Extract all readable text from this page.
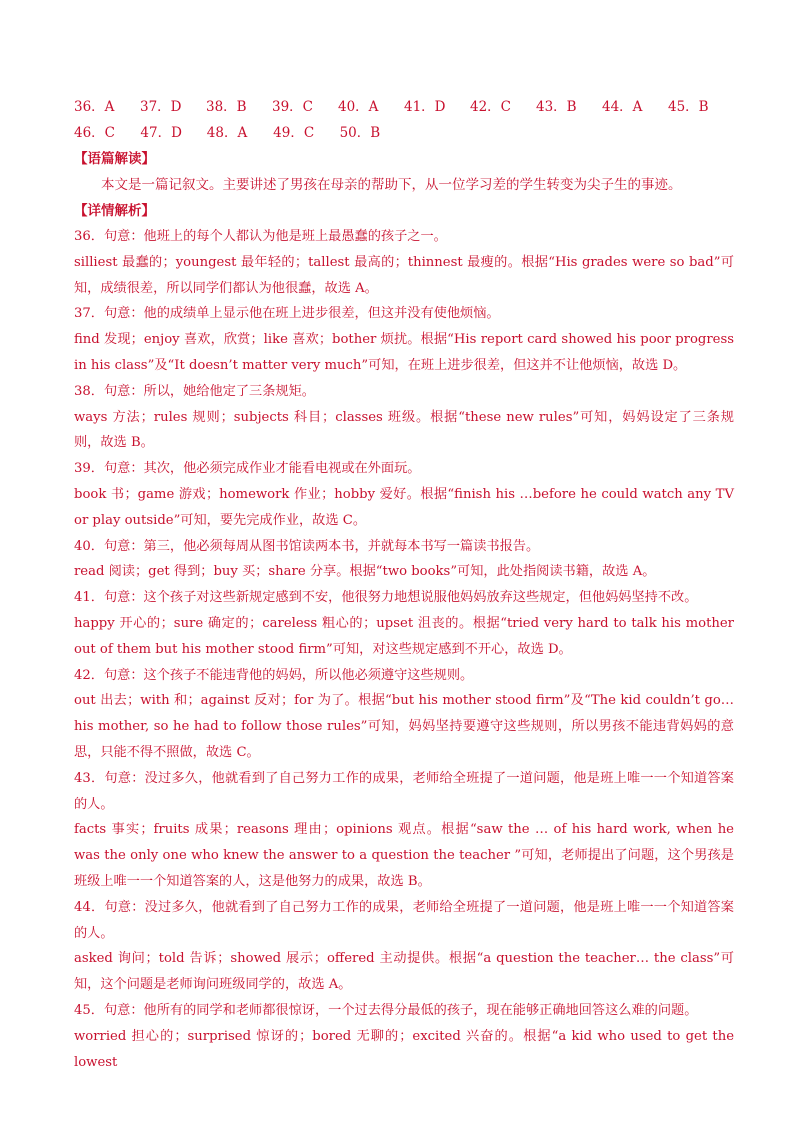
36．A	37．D	38．B	39．C	40．A	41．D	42．C	43．B	44．A	45．B
46．C	47．D	48．A	49．C	50．B
【语篇解读】
本文是一篇记叙文。主要讲述了男孩在母亲的帮助下，从一位学习差的学生转变为尖子生的事迹。
【详情解析】

36．句意：他班上的每个人都认为他是班上最愚蠢的孩子之一。

silliest 最蠢的；youngest 最年轻的；tallest 最高的；thinnest 最瘦的。根据“His grades were so bad”可知，成绩很差，所以同学们都认为他很蠢，故选 A。

37．句意：他的成绩单上显示他在班上进步很差，但这并没有使他烦恼。

find 发现；enjoy 喜欢，欣赏；like 喜欢；bother 烦扰。根据“His report card showed his poor progress in his class”及“It doesn’t matter very much”可知，在班上进步很差，但这并不让他烦恼，故选 D。

38．句意：所以，她给他定了三条规矩。

ways 方法；rules 规则；subjects 科目；classes 班级。根据“these new rules”可知，妈妈设定了三条规则，故选 B。

39．句意：其次，他必须完成作业才能看电视或在外面玩。

book 书；game 游戏；homework 作业；hobby 爱好。根据“finish his …before he could watch any TV or play outside”可知，要先完成作业，故选 C。

40．句意：第三，他必须每周从图书馆读两本书，并就每本书写一篇读书报告。

read 阅读；get 得到；buy 买；share 分享。根据“two books”可知，此处指阅读书籍，故选 A。

41．句意：这个孩子对这些新规定感到不安，他很努力地想说服他妈妈放弃这些规定，但他妈妈坚持不改。

happy 开心的；sure 确定的；careless 粗心的；upset 沮丧的。根据“tried very hard to talk his mother out of them but his mother stood firm”可知，对这些规定感到不开心，故选 D。

42．句意：这个孩子不能违背他的妈妈，所以他必须遵守这些规则。

out 出去；with 和；against 反对；for 为了。根据“but his mother stood firm”及“The kid couldn’t go…his mother, so he had to follow those rules”可知，妈妈坚持要遵守这些规则，所以男孩不能违背妈妈的意思，只能不得不照做，故选 C。

43．句意：没过多久，他就看到了自己努力工作的成果，老师给全班提了一道问题，他是班上唯一一个知道答案的人。

facts 事实；fruits 成果；reasons 理由；opinions 观点。根据“saw the … of his hard work, when he was the only one who knew the answer to a question the teacher ”可知，老师提出了问题，这个男孩是班级上唯一一个知道答案的人，这是他努力的成果，故选 B。

44．句意：没过多久，他就看到了自己努力工作的成果，老师给全班提了一道问题，他是班上唯一一个知道答案的人。

asked 询问；told 告诉；showed 展示；offered 主动提供。根据“a question the teacher… the class”可知，这个问题是老师询问班级同学的，故选 A。

45．句意：他所有的同学和老师都很惊讶，一个过去得分最低的孩子，现在能够正确地回答这么难的问题。

worried 担心的；surprised 惊讶的；bored 无聊的；excited 兴奋的。根据“a kid who used to get the lowest
